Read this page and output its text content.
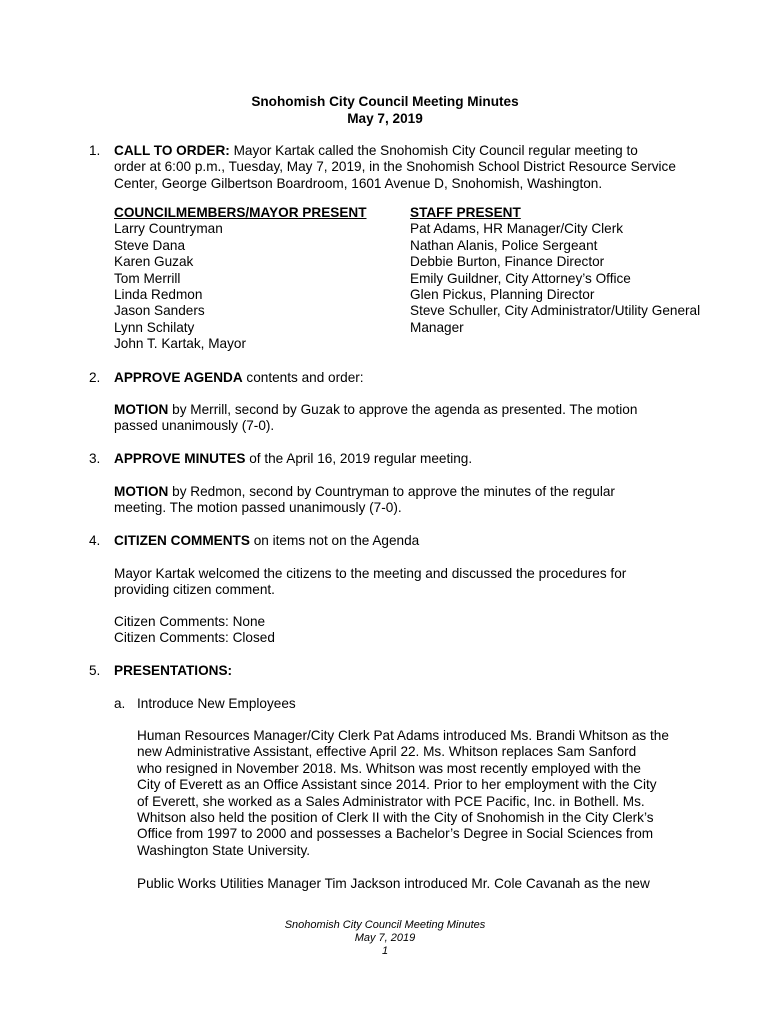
Snohomish City Council Meeting Minutes
May 7, 2019
1. CALL TO ORDER: Mayor Kartak called the Snohomish City Council regular meeting to
order at 6:00 p.m., Tuesday, May 7, 2019, in the Snohomish School District Resource Service
Center, George Gilbertson Boardroom, 1601 Avenue D, Snohomish, Washington.
COUNCILMEMBERS/MAYOR PRESENT
Larry Countryman
Steve Dana
Karen Guzak
Tom Merrill
Linda Redmon
Jason Sanders
Lynn Schilaty
John T. Kartak, Mayor
STAFF PRESENT
Pat Adams, HR Manager/City Clerk
Nathan Alanis, Police Sergeant
Debbie Burton, Finance Director
Emily Guildner, City Attorney’s Office
Glen Pickus, Planning Director
Steve Schuller, City Administrator/Utility General
Manager
2. APPROVE AGENDA contents and order:
MOTION by Merrill, second by Guzak to approve the agenda as presented. The motion
passed unanimously (7-0).
3. APPROVE MINUTES of the April 16, 2019 regular meeting.
MOTION by Redmon, second by Countryman to approve the minutes of the regular
meeting. The motion passed unanimously (7-0).
4. CITIZEN COMMENTS on items not on the Agenda
Mayor Kartak welcomed the citizens to the meeting and discussed the procedures for
providing citizen comment.
Citizen Comments: None
Citizen Comments: Closed
5. PRESENTATIONS:
a. Introduce New Employees
Human Resources Manager/City Clerk Pat Adams introduced Ms. Brandi Whitson as the
new Administrative Assistant, effective April 22. Ms. Whitson replaces Sam Sanford
who resigned in November 2018. Ms. Whitson was most recently employed with the
City of Everett as an Office Assistant since 2014. Prior to her employment with the City
of Everett, she worked as a Sales Administrator with PCE Pacific, Inc. in Bothell. Ms.
Whitson also held the position of Clerk II with the City of Snohomish in the City Clerk’s
Office from 1997 to 2000 and possesses a Bachelor’s Degree in Social Sciences from
Washington State University.
Public Works Utilities Manager Tim Jackson introduced Mr. Cole Cavanah as the new
Snohomish City Council Meeting Minutes
May 7, 2019
1
